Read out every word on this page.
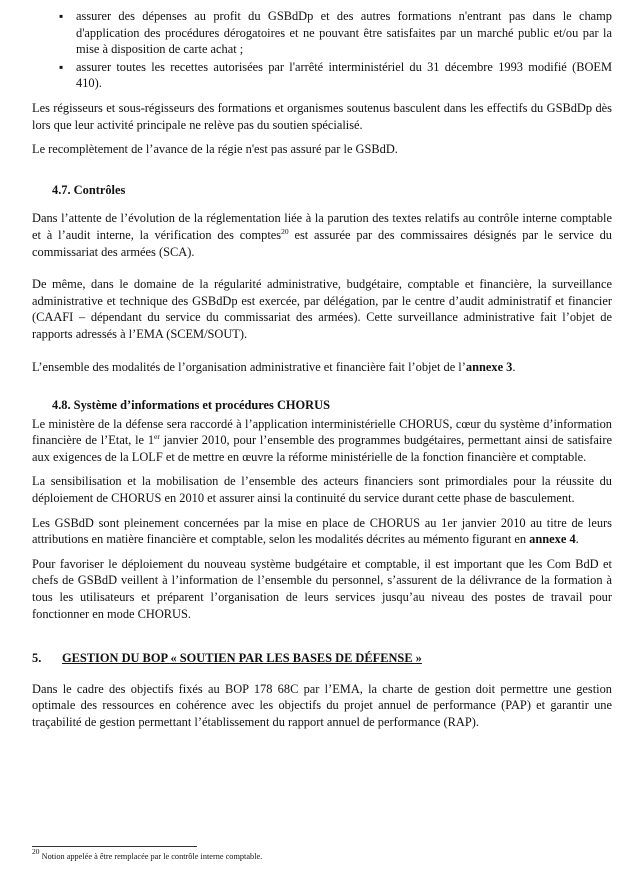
▪ assurer des dépenses au profit du GSBdDp et des autres formations n'entrant pas dans le champ d'application des procédures dérogatoires et ne pouvant être satisfaites par un marché public et/ou par la mise à disposition de carte achat ;
▪ assurer toutes les recettes autorisées par l'arrêté interministériel du 31 décembre 1993 modifié (BOEM 410).

Les régisseurs et sous-régisseurs des formations et organismes soutenus basculent dans les effectifs du GSBdDp dès lors que leur activité principale ne relève pas du soutien spécialisé.

Le recomplètement de l’avance de la régie n'est pas assuré par le GSBdD.

4.7. Contrôles

Dans l’attente de l’évolution de la réglementation liée à la parution des textes relatifs au contrôle interne comptable et à l’audit interne, la vérification des comptes$^{20}$ est assurée par des commissaires désignés par le service du commissariat des armées (SCA).

De même, dans le domaine de la régularité administrative, budgétaire, comptable et financière, la surveillance administrative et technique des GSBdDp est exercée, par délégation, par le centre d’audit administratif et financier (CAAFI – dépendant du service du commissariat des armées). Cette surveillance administrative fait l’objet de rapports adressés à l’EMA (SCEM/SOUT).

L’ensemble des modalités de l’organisation administrative et financière fait l’objet de l’annexe 3.

4.8. Système d’informations et procédures CHORUS

Le ministère de la défense sera raccordé à l’application interministérielle CHORUS, cœur du système d’information financière de l’Etat, le 1er janvier 2010, pour l’ensemble des programmes budgétaires, permettant ainsi de satisfaire aux exigences de la LOLF et de mettre en œuvre la réforme ministérielle de la fonction financière et comptable.

La sensibilisation et la mobilisation de l’ensemble des acteurs financiers sont primordiales pour la réussite du déploiement de CHORUS en 2010 et assurer ainsi la continuité du service durant cette phase de basculement.

Les GSBdD sont pleinement concernées par la mise en place de CHORUS au 1er janvier 2010 au titre de leurs attributions en matière financière et comptable, selon les modalités décrites au mémento figurant en annexe 4.

Pour favoriser le déploiement du nouveau système budgétaire et comptable, il est important que les Com BdD et chefs de GSBdD veillent à l’information de l’ensemble du personnel, s’assurent de la délivrance de la formation à tous les utilisateurs et préparent l’organisation de leurs services jusqu’au niveau des postes de travail pour fonctionner en mode CHORUS.

5. GESTION DU BOP « SOUTIEN PAR LES BASES DE DÉFENSE »

Dans le cadre des objectifs fixés au BOP 178 68C par l’EMA, la charte de gestion doit permettre une gestion optimale des ressources en cohérence avec les objectifs du projet annuel de performance (PAP) et garantir une traçabilité de gestion permettant l’établissement du rapport annuel de performance (RAP).

$^{20}$ Notion appelée à être remplacée par le contrôle interne comptable.
